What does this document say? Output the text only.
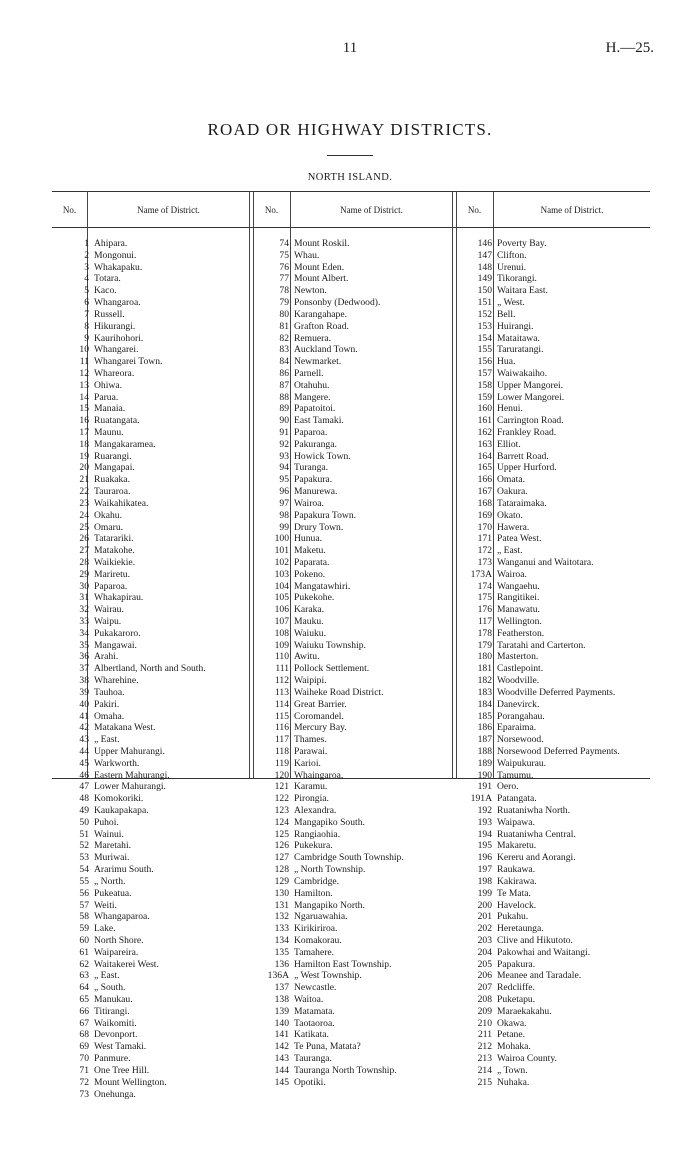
11	H.—25.
ROAD OR HIGHWAY DISTRICTS.
NORTH ISLAND.
No.	Name of District.	No.	Name of District.	No.	Name of District.
1 Ahipara.
2 Mongonui.
3 Whakapaku.
4 Totara.
5 Kaco.
6 Whangaroa.
7 Russell.
8 Hikurangi.
9 Kaurihohori.
10 Whangarei.
11 Whangarei Town.
12 Whareora.
13 Ohiwa.
14 Parua.
15 Manaia.
16 Ruatangata.
17 Maunu.
18 Mangakaramea.
19 Ruarangi.
20 Mangapai.
21 Ruakaka.
22 Tauraroa.
23 Waikahikatea.
24 Okahu.
25 Omaru.
26 Tatarariki.
27 Matakohe.
28 Waikiekie.
29 Mariretu.
30 Paparoa.
31 Whakapirau.
32 Wairau.
33 Waipu.
34 Pukakaroro.
35 Mangawai.
36 Arahi.
37 Albertland, North and South.
38 Wharehine.
39 Tauhoa.
40 Pakiri.
41 Omaha.
42 Matakana West.
43 „ East.
44 Upper Mahurangi.
45 Warkworth.
46 Eastern Mahurangi.
47 Lower Mahurangi.
48 Komokoriki.
49 Kaukapakapa.
50 Puhoi.
51 Wainui.
52 Maretahi.
53 Muriwai.
54 Ararimu South.
55 „ North.
56 Pukeatua.
57 Weiti.
58 Whangaparoa.
59 Lake.
60 North Shore.
61 Waipareira.
62 Waitakerei West.
63 „ East.
64 „ South.
65 Manukau.
66 Titirangi.
67 Waikomiti.
68 Devonport.
69 West Tamaki.
70 Panmure.
71 One Tree Hill.
72 Mount Wellington.
73 Onehunga.
74 Mount Roskil.
75 Whau.
76 Mount Eden.
77 Mount Albert.
78 Newton.
79 Ponsonby (Dedwood).
80 Karangahape.
81 Grafton Road.
82 Remuera.
83 Auckland Town.
84 Newmarket.
86 Parnell.
87 Otahuhu.
88 Mangere.
89 Papatoitoi.
90 East Tamaki.
91 Paparoa.
92 Pakuranga.
93 Howick Town.
94 Turanga.
95 Papakura.
96 Manurewa.
97 Wairoa.
98 Papakura Town.
99 Drury Town.
100 Hunua.
101 Maketu.
102 Paparata.
103 Pokeno.
104 Mangatawhiri.
105 Pukekohe.
106 Karaka.
107 Mauku.
108 Waiuku.
109 Waiuku Township.
110 Awitu.
111 Pollock Settlement.
112 Waipipi.
113 Waiheke Road District.
114 Great Barrier.
115 Coromandel.
116 Mercury Bay.
117 Thames.
118 Parawai.
119 Karioi.
120 Whaingaroa.
121 Karamu.
122 Pirongia.
123 Alexandra.
124 Mangapiko South.
125 Rangiaohia.
126 Pukekura.
127 Cambridge South Township.
128 „ North Township.
129 Cambridge.
130 Hamilton.
131 Mangapiko North.
132 Ngaruawahia.
133 Kirikiriroa.
134 Komakorau.
135 Tamahere.
136 Hamilton East Township.
136A „ West Township.
137 Newcastle.
138 Waitoa.
139 Matamata.
140 Taotaoroa.
141 Katikata.
142 Te Puna, Matata?
143 Tauranga.
144 Tauranga North Township.
145 Opotiki.
146 Poverty Bay.
147 Clifton.
148 Urenui.
149 Tikorangi.
150 Waitara East.
151 „ West.
152 Bell.
153 Huirangi.
154 Mataitawa.
155 Taruratangi.
156 Hua.
157 Waiwakaiho.
158 Upper Mangorei.
159 Lower Mangorei.
160 Henui.
161 Carrington Road.
162 Frankley Road.
163 Elliot.
164 Barrett Road.
165 Upper Hurford.
166 Omata.
167 Oakura.
168 Tataraimaka.
169 Okato.
170 Hawera.
171 Patea West.
172 „ East.
173 Wanganui and Waitotara.
173A Wairoa.
174 Wangaehu.
175 Rangitikei.
176 Manawatu.
117 Wellington.
178 Featherston.
179 Taratahi and Carterton.
180 Masterton.
181 Castlepoint.
182 Woodville.
183 Woodville Deferred Payments.
184 Danevirck.
185 Porangahau.
186 Eparaima.
187 Norsewood.
188 Norsewood Deferred Payments.
189 Waipukurau.
190 Tamumu.
191 Oero.
191A Patangata.
192 Ruataniwha North.
193 Waipawa.
194 Ruataniwha Central.
195 Makaretu.
196 Kereru and Aorangi.
197 Raukawa.
198 Kakirawa.
199 Te Mata.
200 Havelock.
201 Pukahu.
202 Heretaunga.
203 Clive and Hikutoto.
204 Pakowhai and Waitangi.
205 Papakura.
206 Meanee and Taradale.
207 Redcliffe.
208 Puketapu.
209 Maraekakahu.
210 Okawa.
211 Petane.
212 Mohaka.
213 Wairoa County.
214 „ Town.
215 Nuhaka.
